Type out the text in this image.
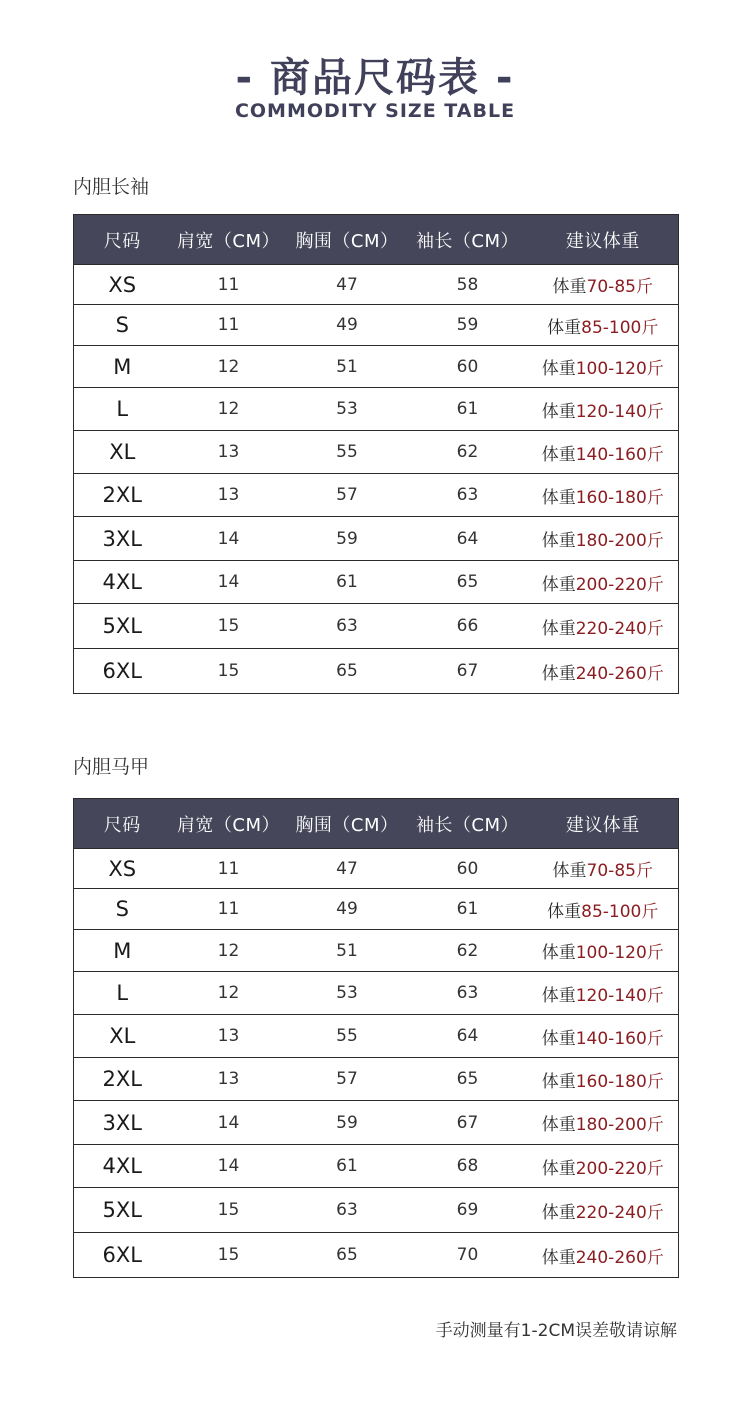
- 商品尺码表 -
COMMODITY SIZE TABLE
内胆长袖
尺码	肩宽（CM）	胸围（CM）	袖长（CM）	建议体重
XS	11	47	58	体重70-85斤
S	11	49	59	体重85-100斤
M	12	51	60	体重100-120斤
L	12	53	61	体重120-140斤
XL	13	55	62	体重140-160斤
2XL	13	57	63	体重160-180斤
3XL	14	59	64	体重180-200斤
4XL	14	61	65	体重200-220斤
5XL	15	63	66	体重220-240斤
6XL	15	65	67	体重240-260斤
内胆马甲
尺码	肩宽（CM）	胸围（CM）	袖长（CM）	建议体重
XS	11	47	60	体重70-85斤
S	11	49	61	体重85-100斤
M	12	51	62	体重100-120斤
L	12	53	63	体重120-140斤
XL	13	55	64	体重140-160斤
2XL	13	57	65	体重160-180斤
3XL	14	59	67	体重180-200斤
4XL	14	61	68	体重200-220斤
5XL	15	63	69	体重220-240斤
6XL	15	65	70	体重240-260斤
手动测量有1-2CM误差敬请谅解
